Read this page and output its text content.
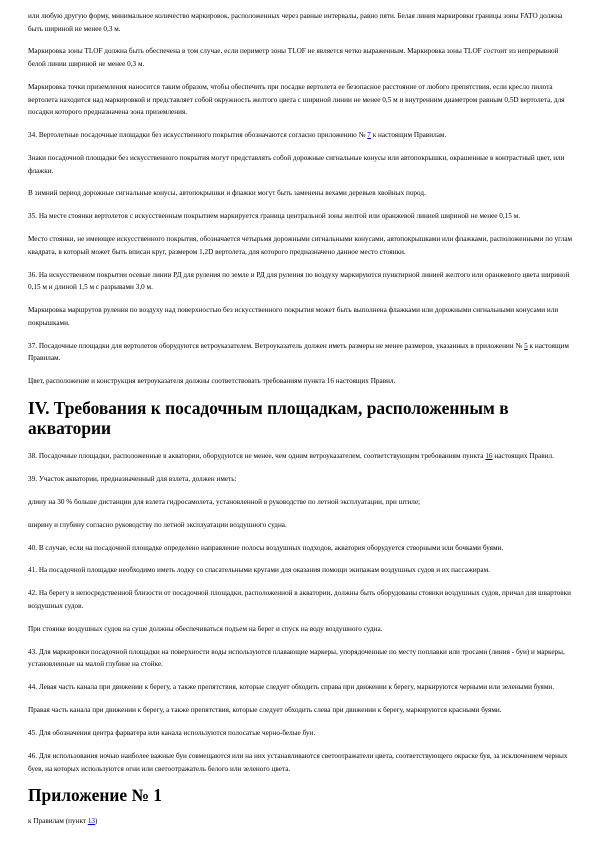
или любую другую форму, минимальное количество маркировок, расположенных через равные интервалы, равно пяти. Белая линия маркировки границы зоны FATO должна быть шириной не менее 0,3 м.

Маркировка зоны TLOF должна быть обеспечена в том случае, если периметр зоны TLOF не является четко выраженным. Маркировка зоны TLOF состоит из непрерывной белой линии шириной не менее 0,3 м.

Маркировка точки приземления наносится таким образом, чтобы обеспечить при посадке вертолета ее безопасное расстояние от любого препятствия, если кресло пилота вертолета находится над маркировкой и представляет собой окружность желтого цвета с шириной линии не менее 0,5 м и внутренним диаметром равным 0,5D вертолета, для посадки которого предназначена зона приземления.

34. Вертолетные посадочные площадки без искусственного покрытия обозначаются согласно приложению № 7 к настоящим Правилам.

Знаки посадочной площадки без искусственного покрытия могут представлять собой дорожные сигнальные конусы или автопокрышки, окрашенные в контрастный цвет, или флажки.

В зимний период дорожные сигнальные конусы, автопокрышки и флажки могут быть заменены вехами деревьев хвойных пород.

35. На месте стоянки вертолетов с искусственным покрытием маркируется граница центральной зоны желтой или оранжевой линией шириной не менее 0,15 м.

Место стоянки, не имеющее искусственного покрытия, обозначается четырьмя дорожными сигнальными конусами, автопокрышками или флажками, расположенными по углам квадрата, в который может быть вписан круг, размером 1,2D вертолета, для которого предназначено данное место стоянки.

36. На искусственном покрытии осевые линии РД для руления по земле и РД для руления по воздуху маркируются пунктирной линией желтого или оранжевого цвета шириной 0,15 м и длиной 1,5 м с разрывами 3,0 м.

Маркировка маршрутов руления по воздуху над поверхностью без искусственного покрытия может быть выполнена флажками или дорожными сигнальными конусами или покрышками.

37. Посадочные площадки для вертолетов оборудуются ветроуказателем. Ветроуказатель должен иметь размеры не менее размеров, указанных в приложении № 5 к настоящим Правилам.

Цвет, расположение и конструкция ветроуказателя должны соответствовать требованиям пункта 16 настоящих Правил.

IV. Требования к посадочным площадкам, расположенным в акватории

38. Посадочные площадки, расположенные в акватории, оборудуются не менее, чем одним ветроуказателем, соответствующим требованиям пункта 16 настоящих Правил.

39. Участок акватории, предназначенный для взлета, должен иметь:

длину на 30 % больше дистанции для взлета гидросамолета, установленной в руководстве по летной эксплуатации, при штиле;

ширину и глубину согласно руководству по летной эксплуатации воздушного судна.

40. В случае, если на посадочной площадке определено направление полосы воздушных подходов, акватория оборудуется створными или бочками буями.

41. На посадочной площадке необходимо иметь лодку со спасательными кругами для оказания помощи экипажам воздушных судов и их пассажирам.

42. На берегу в непосредственной близости от посадочной площадки, расположенной в акватории, должны быть оборудованы стоянки воздушных судов, причал для швартовки воздушных судов.

При стоянке воздушных судов на суше должны обеспечиваться подъем на берег и спуск на воду воздушного судна.

43. Для маркировки посадочной площадки на поверхности воды используются плавающие маркеры, упорядоченные по месту поплавки или тросами (линия - буи) и маркеры, установленные на малой глубине на стойке.

44. Левая часть канала при движении к берегу, а также препятствия, которые следует обходить справа при движении к берегу, маркируются черными или зелеными буями.

Правая часть канала при движении к берегу, а также препятствия, которые следует обходить слева при движении к берегу, маркируются красными буями.

45. Для обозначения центра фарватера или канала используются полосатые черно-белые буи.

46. Для использования ночью наиболее важные буи совмещаются или на них устанавливаются светоотражатели цвета, соответствующего окраске буя, за исключением черных буев, на которых используются огни или светоотражатель белого или зеленого цвета.

Приложение № 1

к Правилам (пункт 13)
